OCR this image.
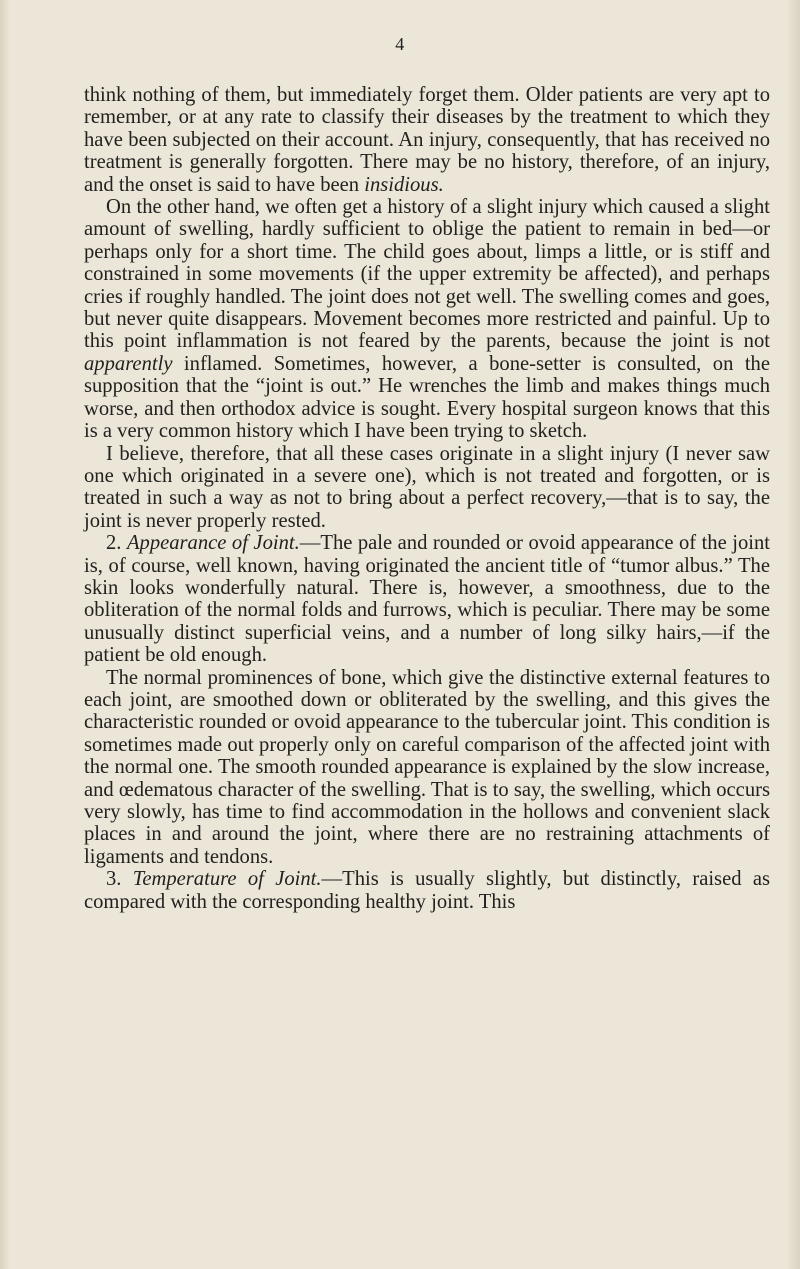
4

think nothing of them, but immediately forget them. Older patients are very apt to remember, or at any rate to classify their diseases by the treatment to which they have been subjected on their account. An injury, consequently, that has received no treatment is generally forgotten. There may be no history, therefore, of an injury, and the onset is said to have been insidious.

On the other hand, we often get a history of a slight injury which caused a slight amount of swelling, hardly sufficient to oblige the patient to remain in bed—or perhaps only for a short time. The child goes about, limps a little, or is stiff and constrained in some movements (if the upper extremity be affected), and perhaps cries if roughly handled. The joint does not get well. The swelling comes and goes, but never quite disappears. Movement becomes more restricted and painful. Up to this point inflammation is not feared by the parents, because the joint is not apparently inflamed. Sometimes, however, a bone-setter is consulted, on the supposition that the “joint is out.” He wrenches the limb and makes things much worse, and then orthodox advice is sought. Every hospital surgeon knows that this is a very common history which I have been trying to sketch.

I believe, therefore, that all these cases originate in a slight injury (I never saw one which originated in a severe one), which is not treated and forgotten, or is treated in such a way as not to bring about a perfect recovery,—that is to say, the joint is never properly rested.

2. Appearance of Joint.—The pale and rounded or ovoid appearance of the joint is, of course, well known, having originated the ancient title of “tumor albus.” The skin looks wonderfully natural. There is, however, a smoothness, due to the obliteration of the normal folds and furrows, which is peculiar. There may be some unusually distinct superficial veins, and a number of long silky hairs,—if the patient be old enough.

The normal prominences of bone, which give the distinctive external features to each joint, are smoothed down or obliterated by the swelling, and this gives the characteristic rounded or ovoid appearance to the tubercular joint. This condition is sometimes made out properly only on careful comparison of the affected joint with the normal one. The smooth rounded appearance is explained by the slow increase, and œdematous character of the swelling. That is to say, the swelling, which occurs very slowly, has time to find accommodation in the hollows and convenient slack places in and around the joint, where there are no restraining attachments of ligaments and tendons.

3. Temperature of Joint.—This is usually slightly, but distinctly, raised as compared with the corresponding healthy joint. This
